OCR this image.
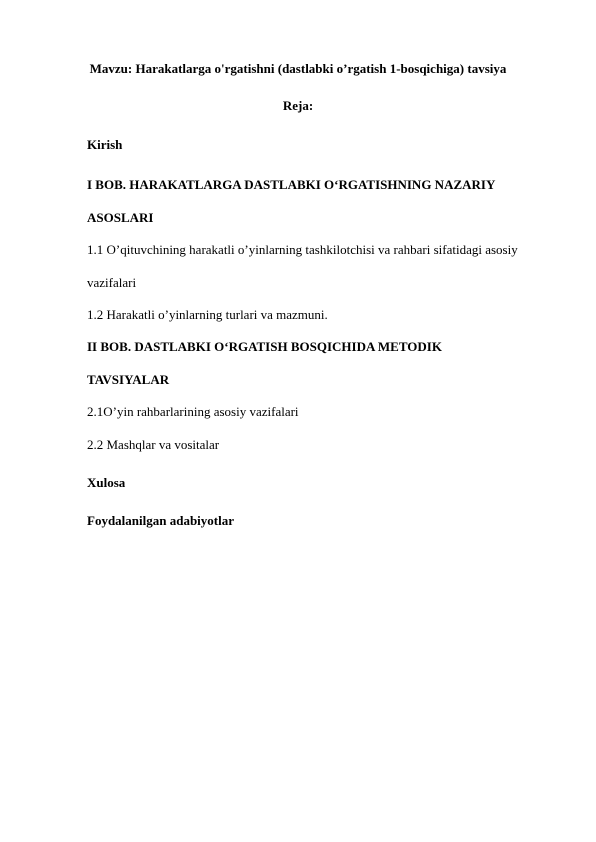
Mavzu: Harakatlarga o'rgatishni (dastlabki o’rgatish 1-bosqichiga) tavsiya
Reja:
Kirish
I BOB. HARAKATLARGA DASTLABKI O‘RGATISHNING NAZARIY
ASOSLARI
1.1 O’qituvchining harakatli o’yinlarning tashkilotchisi va rahbari sifatidagi asosiy
vazifalari
1.2 Harakatli o’yinlarning turlari va mazmuni.
II BOB. DASTLABKI O‘RGATISH BOSQICHIDA METODIK
TAVSIYALAR
2.1O’yin rahbarlarining asosiy vazifalari
2.2 Mashqlar va vositalar
Xulosa
Foydalanilgan adabiyotlar
